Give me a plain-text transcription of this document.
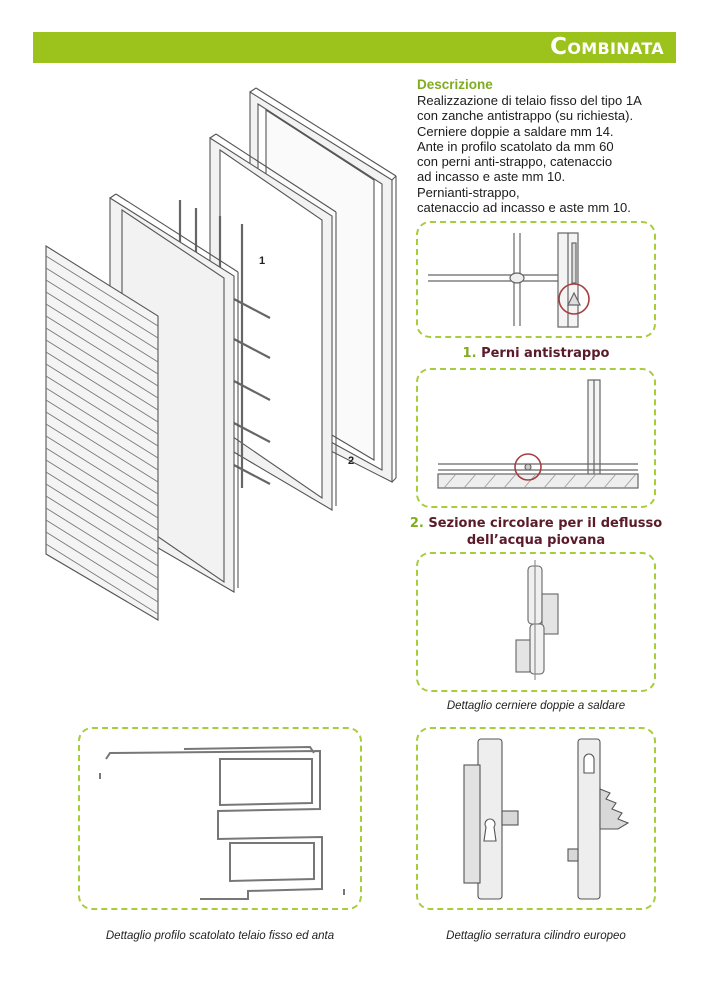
Combinata
Descrizione
Realizzazione di telaio fisso del tipo 1A
con zanche antistrappo (su richiesta).
Cerniere doppie a saldare mm 14.
Ante in profilo scatolato da mm 60
con perni anti-strappo, catenaccio
ad incasso e aste mm 10.
Pernianti-strappo,
catenaccio ad incasso e aste mm 10.
1
2
1. Perni antistrappo
2. Sezione circolare per il deflusso
dell’acqua piovana
Dettaglio cerniere doppie a saldare
Dettaglio profilo scatolato telaio fisso ed anta	Dettaglio serratura cilindro europeo
